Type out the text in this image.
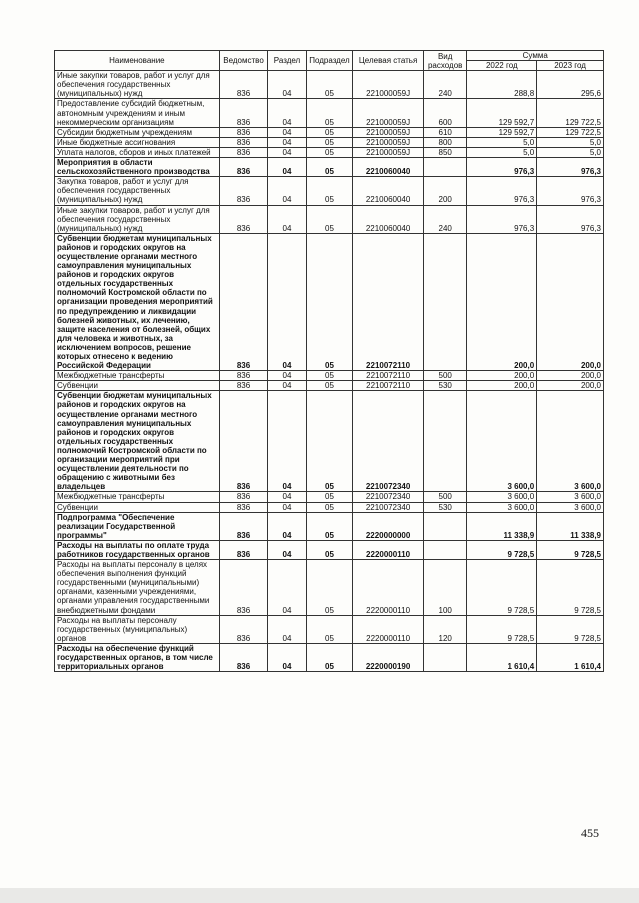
Наименование	Ведомство	Раздел	Подраздел	Целевая статья	Вид расходов	Сумма	
						2022 год	2023 год
Иные закупки товаров, работ и услуг для обеспечения государственных (муниципальных) нужд	836	04	05	221000059J	240	288,8	295,6
Предоставление субсидий бюджетным, автономным учреждениям и иным некоммерческим организациям	836	04	05	221000059J	600	129 592,7	129 722,5
Субсидии бюджетным учреждениям	836	04	05	221000059J	610	129 592,7	129 722,5
Иные бюджетные ассигнования	836	04	05	221000059J	800	5,0	5,0
Уплата налогов, сборов и иных платежей	836	04	05	221000059J	850	5,0	5,0
Мероприятия в области сельскохозяйственного производства	836	04	05	2210060040		976,3	976,3
Закупка товаров, работ и услуг для обеспечения государственных (муниципальных) нужд	836	04	05	2210060040	200	976,3	976,3
Иные закупки товаров, работ и услуг для обеспечения государственных (муниципальных) нужд	836	04	05	2210060040	240	976,3	976,3
Субвенции бюджетам муниципальных районов и городских округов на осуществление органами местного самоуправления муниципальных районов и городских округов отдельных государственных полномочий Костромской области по организации проведения мероприятий по предупреждению и ликвидации болезней животных, их лечению, защите населения от болезней, общих для человека и животных, за исключением вопросов, решение которых отнесено к ведению Российской Федерации	836	04	05	2210072110		200,0	200,0
Межбюджетные трансферты	836	04	05	2210072110	500	200,0	200,0
Субвенции	836	04	05	2210072110	530	200,0	200,0
Субвенции бюджетам муниципальных районов и городских округов на осуществление органами местного самоуправления муниципальных районов и городских округов отдельных государственных полномочий Костромской области по организации мероприятий при осуществлении деятельности по обращению с животными без владельцев	836	04	05	2210072340		3 600,0	3 600,0
Межбюджетные трансферты	836	04	05	2210072340	500	3 600,0	3 600,0
Субвенции	836	04	05	2210072340	530	3 600,0	3 600,0
Подпрограмма "Обеспечение реализации Государственной программы"	836	04	05	2220000000		11 338,9	11 338,9
Расходы на выплаты по оплате труда работников государственных органов	836	04	05	2220000110		9 728,5	9 728,5
Расходы на выплаты персоналу в целях обеспечения выполнения функций государственными (муниципальными) органами, казенными учреждениями, органами управления государственными внебюджетными фондами	836	04	05	2220000110	100	9 728,5	9 728,5
Расходы на выплаты персоналу государственных (муниципальных) органов	836	04	05	2220000110	120	9 728,5	9 728,5
Расходы на обеспечение функций государственных органов, в том числе территориальных органов	836	04	05	2220000190		1 610,4	1 610,4
455
